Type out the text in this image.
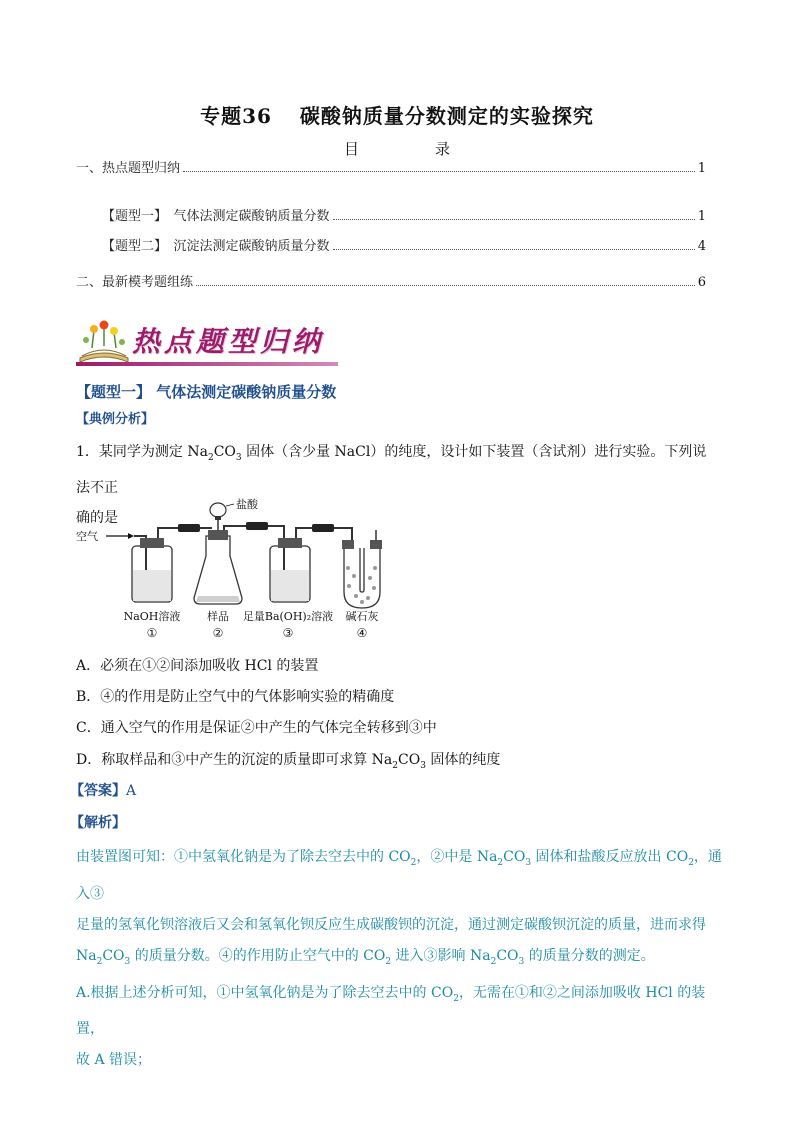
专题36 碳酸钠质量分数测定的实验探究
目	录
一、热点题型归纳	1
【题型一】　气体法测定碳酸钠质量分数	1
【题型二】　沉淀法测定碳酸钠质量分数	4
二、最新模考题组练	6
热点题型归纳
【题型一】 气体法测定碳酸钠质量分数
【典例分析】
1．某同学为测定 $Na_2CO_3$ 固体（含少量 NaCl）的纯度，设计如下装置（含试剂）进行实验。下列说法不正
确的是
空气
盐酸
NaOH溶液 样品 足量Ba(OH)₂溶液 碱石灰
①	②	③	④
A．必须在①②间添加吸收 HCl 的装置
B．④的作用是防止空气中的气体影响实验的精确度
C．通入空气的作用是保证②中产生的气体完全转移到③中
D．称取样品和③中产生的沉淀的质量即可求算 $Na_2CO_3$ 固体的纯度
【答案】A
【解析】
由装置图可知：①中氢氧化钠是为了除去空去中的 $CO_2$，②中是 $Na_2CO_3$ 固体和盐酸反应放出 $CO_2$，通入③
足量的氢氧化钡溶液后又会和氢氧化钡反应生成碳酸钡的沉淀，通过测定碳酸钡沉淀的质量，进而求得
$Na_2CO_3$ 的质量分数。④的作用防止空气中的 $CO_2$ 进入③影响 $Na_2CO_3$ 的质量分数的测定。
A.根据上述分析可知，①中氢氧化钠是为了除去空去中的 $CO_2$，无需在①和②之间添加吸收 HCl 的装置，
故 A 错误；
